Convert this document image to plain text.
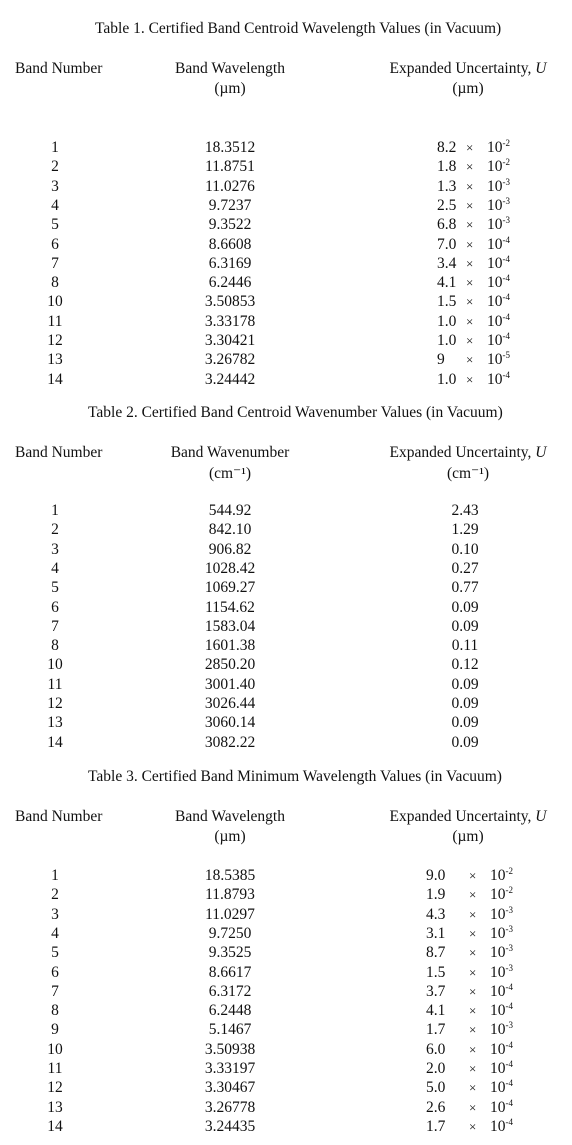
Table 1. Certified Band Centroid Wavelength Values (in Vacuum)
Band Number	Band Wavelength
(µm)
Expanded Uncertainty, U
(µm)
1	18.3512	$8.2 \times 10^{-2}$
2	11.8751	$1.8 \times 10^{-2}$
3	11.0276	$1.3 \times 10^{-3}$
4	9.7237	$2.5 \times 10^{-3}$
5	9.3522	$6.8 \times 10^{-3}$
6	8.6608	$7.0 \times 10^{-4}$
7	6.3169	$3.4 \times 10^{-4}$
8	6.2446	$4.1 \times 10^{-4}$
10	3.50853	$1.5 \times 10^{-4}$
11	3.33178	$1.0 \times 10^{-4}$
12	3.30421	$1.0 \times 10^{-4}$
13	3.26782	$9 \times 10^{-5}$
14	3.24442	$1.0 \times 10^{-4}$
Table 2. Certified Band Centroid Wavenumber Values (in Vacuum)
Band Number	Band Wavenumber
(cm⁻¹)
Expanded Uncertainty, U
(cm⁻¹)
1	544.92	2.43
2	842.10	1.29
3	906.82	0.10
4	1028.42	0.27
5	1069.27	0.77
6	1154.62	0.09
7	1583.04	0.09
8	1601.38	0.11
10	2850.20	0.12
11	3001.40	0.09
12	3026.44	0.09
13	3060.14	0.09
14	3082.22	0.09
Table 3. Certified Band Minimum Wavelength Values (in Vacuum)
Band Number	Band Wavelength
(µm)
Expanded Uncertainty, U
(µm)
1	18.5385	$9.0 \times 10^{-2}$
2	11.8793	$1.9 \times 10^{-2}$
3	11.0297	$4.3 \times 10^{-3}$
4	9.7250	$3.1 \times 10^{-3}$
5	9.3525	$8.7 \times 10^{-3}$
6	8.6617	$1.5 \times 10^{-3}$
7	6.3172	$3.7 \times 10^{-4}$
8	6.2448	$4.1 \times 10^{-4}$
9	5.1467	$1.7 \times 10^{-3}$
10	3.50938	$6.0 \times 10^{-4}$
11	3.33197	$2.0 \times 10^{-4}$
12	3.30467	$5.0 \times 10^{-4}$
13	3.26778	$2.6 \times 10^{-4}$
14	3.24435	$1.7 \times 10^{-4}$
